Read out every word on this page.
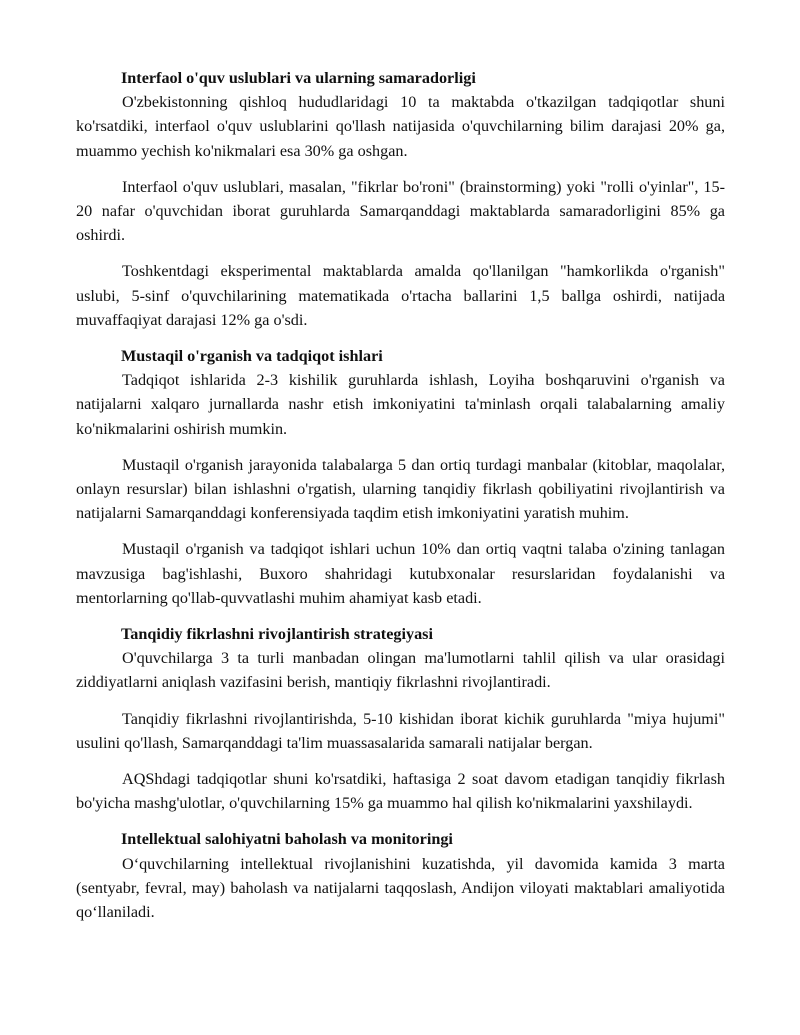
Interfaol o'quv uslublari va ularning samaradorligi

O'zbekistonning qishloq hududlaridagi 10 ta maktabda o'tkazilgan tadqiqotlar shuni ko'rsatdiki, interfaol o'quv uslublarini qo'llash natijasida o'quvchilarning bilim darajasi 20% ga, muammo yechish ko'nikmalari esa 30% ga oshgan.

Interfaol o'quv uslublari, masalan, "fikrlar bo'roni" (brainstorming) yoki "rolli o'yinlar", 15-20 nafar o'quvchidan iborat guruhlarda Samarqanddagi maktablarda samaradorligini 85% ga oshirdi.

Toshkentdagi eksperimental maktablarda amalda qo'llanilgan "hamkorlikda o'rganish" uslubi, 5-sinf o'quvchilarining matematikada o'rtacha ballarini 1,5 ballga oshirdi, natijada muvaffaqiyat darajasi 12% ga o'sdi.

Mustaqil o'rganish va tadqiqot ishlari

Tadqiqot ishlarida 2-3 kishilik guruhlarda ishlash, Loyiha boshqaruvini o'rganish va natijalarni xalqaro jurnallarda nashr etish imkoniyatini ta'minlash orqali talabalarning amaliy ko'nikmalarini oshirish mumkin.

Mustaqil o'rganish jarayonida talabalarga 5 dan ortiq turdagi manbalar (kitoblar, maqolalar, onlayn resurslar) bilan ishlashni o'rgatish, ularning tanqidiy fikrlash qobiliyatini rivojlantirish va natijalarni Samarqanddagi konferensiyada taqdim etish imkoniyatini yaratish muhim.

Mustaqil o'rganish va tadqiqot ishlari uchun 10% dan ortiq vaqtni talaba o'zining tanlagan mavzusiga bag'ishlashi, Buxoro shahridagi kutubxonalar resurslaridan foydalanishi va mentorlarning qo'llab-quvvatlashi muhim ahamiyat kasb etadi.

Tanqidiy fikrlashni rivojlantirish strategiyasi

O'quvchilarga 3 ta turli manbadan olingan ma'lumotlarni tahlil qilish va ular orasidagi ziddiyatlarni aniqlash vazifasini berish, mantiqiy fikrlashni rivojlantiradi.

Tanqidiy fikrlashni rivojlantirishda, 5-10 kishidan iborat kichik guruhlarda "miya hujumi" usulini qo'llash, Samarqanddagi ta'lim muassasalarida samarali natijalar bergan.

AQShdagi tadqiqotlar shuni ko'rsatdiki, haftasiga 2 soat davom etadigan tanqidiy fikrlash bo'yicha mashg'ulotlar, o'quvchilarning 15% ga muammo hal qilish ko'nikmalarini yaxshilaydi.

Intellektual salohiyatni baholash va monitoringi

O‘quvchilarning intellektual rivojlanishini kuzatishda, yil davomida kamida 3 marta (sentyabr, fevral, may) baholash va natijalarni taqqoslash, Andijon viloyati maktablari amaliyotida qo‘llaniladi.
